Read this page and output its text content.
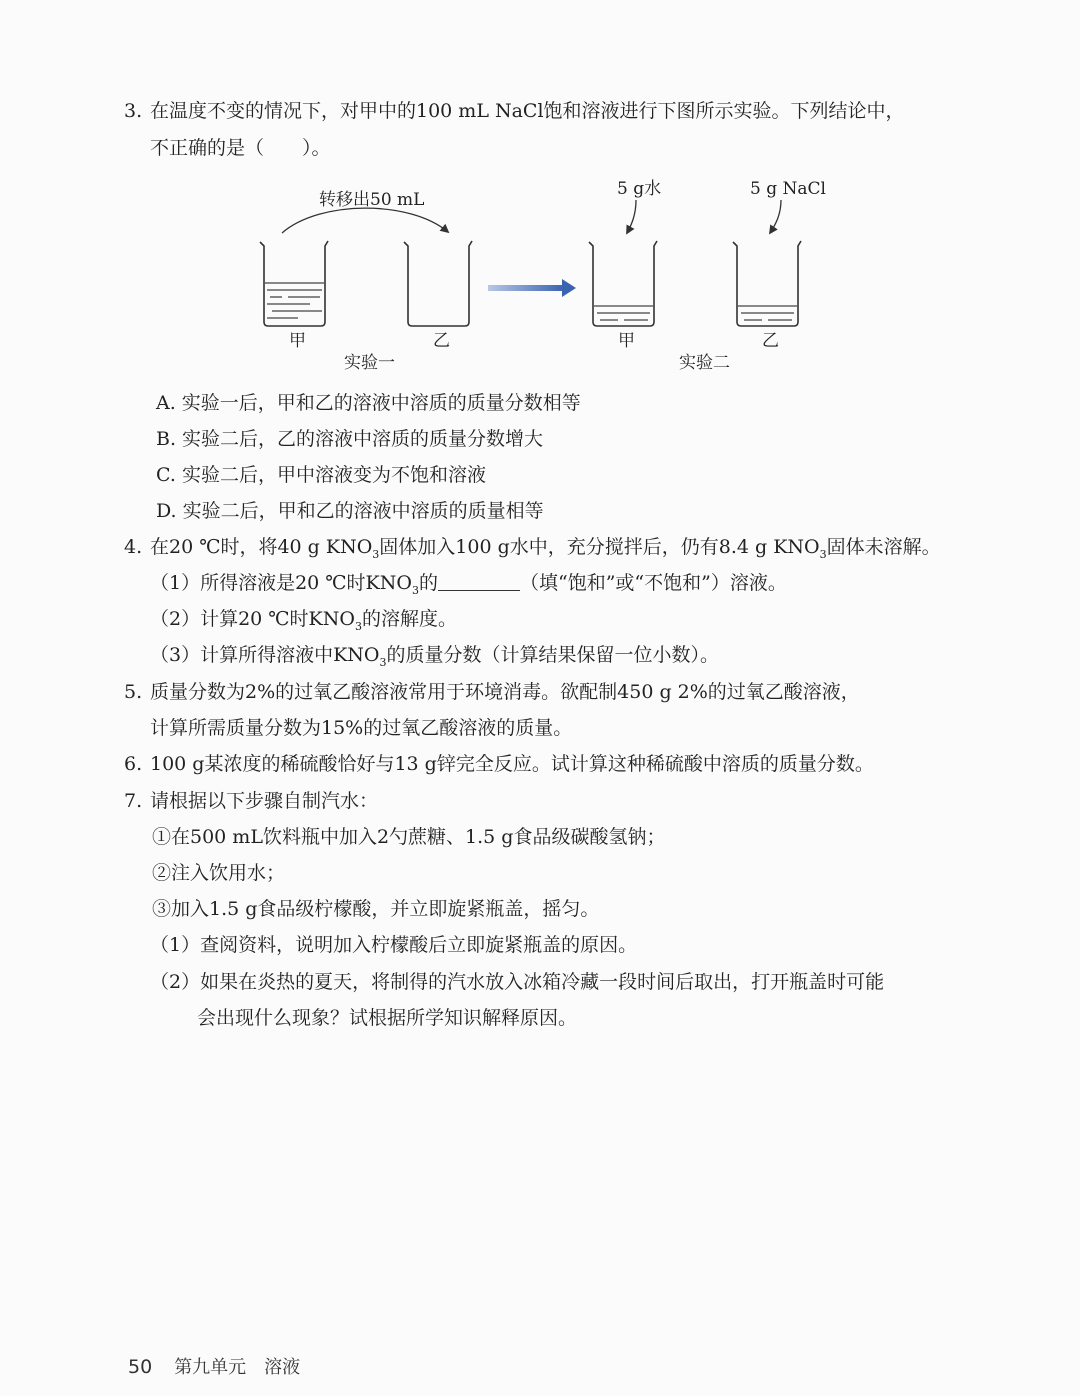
3. 在温度不变的情况下，对甲中的100 mL NaCl饱和溶液进行下图所示实验。下列结论中，
不正确的是（　　）。
转移出50 mL
甲	乙
实验一
5 g水
甲
5 g NaCl
乙
实验二
A. 实验一后，甲和乙的溶液中溶质的质量分数相等
B. 实验二后，乙的溶液中溶质的质量分数增大
C. 实验二后，甲中溶液变为不饱和溶液
D. 实验二后，甲和乙的溶液中溶质的质量相等
4. 在20 ℃时，将40 g $KNO_3$固体加入100 g水中，充分搅拌后，仍有8.4 g $KNO_3$固体未溶解。
（1）所得溶液是20 ℃时$KNO_3$的	（填“饱和”或“不饱和”）溶液。
（2）计算20 ℃时$KNO_3$的溶解度。
（3）计算所得溶液中$KNO_3$的质量分数（计算结果保留一位小数）。
5. 质量分数为2%的过氧乙酸溶液常用于环境消毒。欲配制450 g 2%的过氧乙酸溶液，
计算所需质量分数为15%的过氧乙酸溶液的质量。
6. 100 g某浓度的稀硫酸恰好与13 g锌完全反应。试计算这种稀硫酸中溶质的质量分数。
7. 请根据以下步骤自制汽水：
①在500 mL饮料瓶中加入2勺蔗糖、1.5 g食品级碳酸氢钠；
②注入饮用水；
③加入1.5 g食品级柠檬酸，并立即旋紧瓶盖，摇匀。
（1）查阅资料，说明加入柠檬酸后立即旋紧瓶盖的原因。
（2）如果在炎热的夏天，将制得的汽水放入冰箱冷藏一段时间后取出，打开瓶盖时可能
会出现什么现象？试根据所学知识解释原因。
50 第九单元　溶液
